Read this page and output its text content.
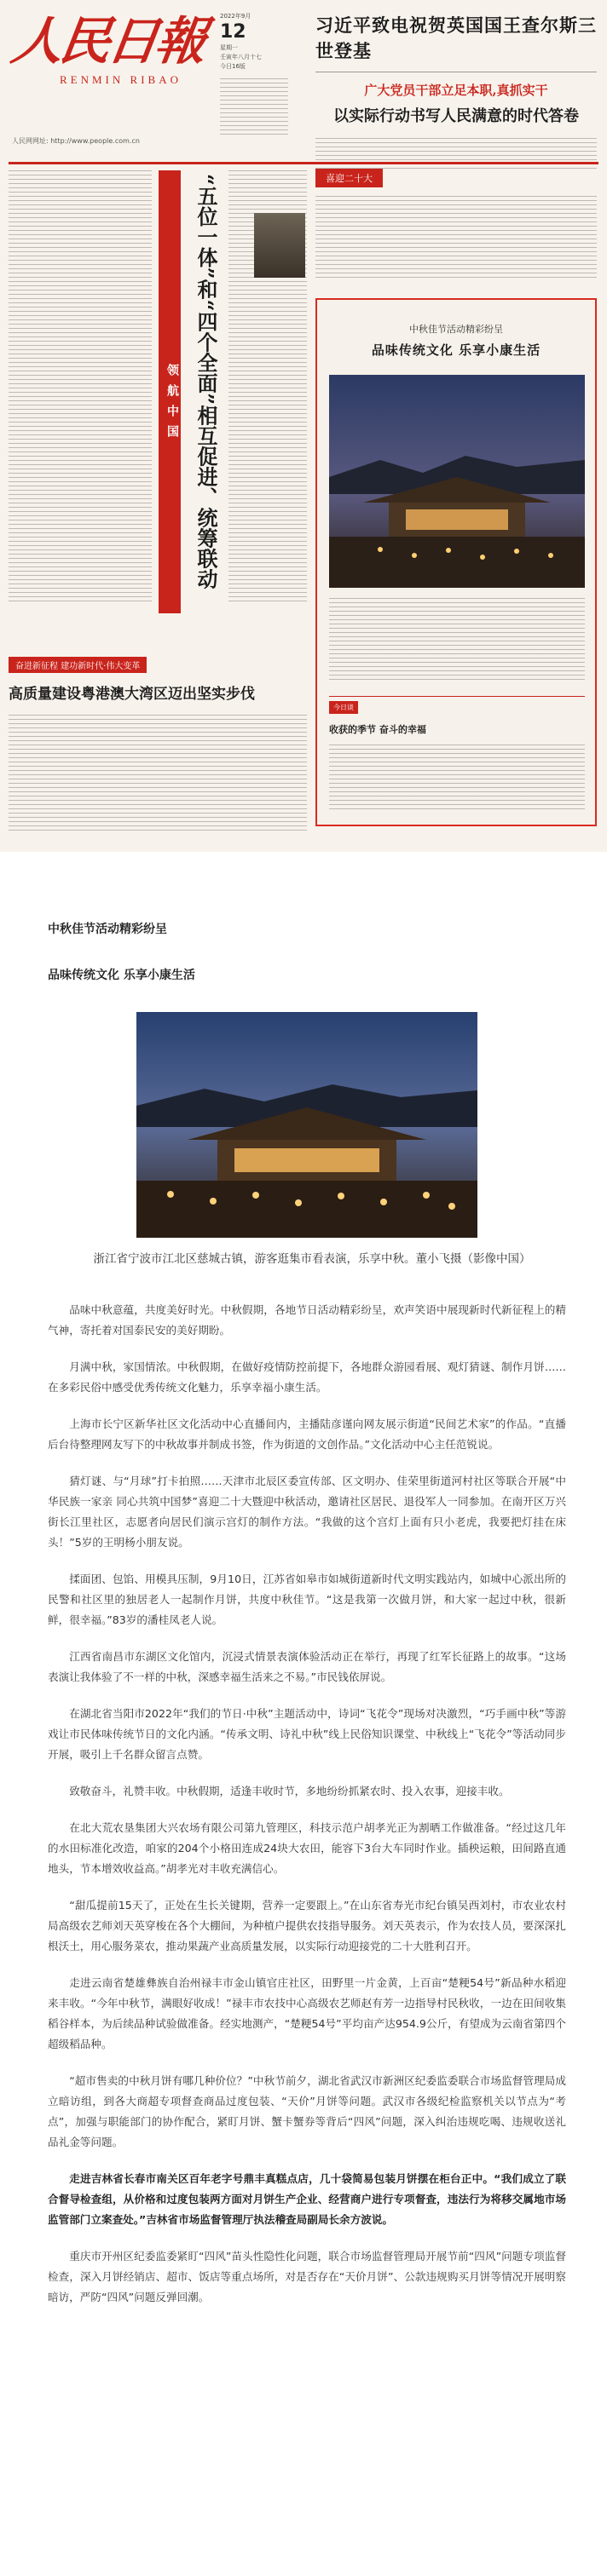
人民日報
RENMIN RIBAO
人民网网址: http://www.people.com.cn
2022年9月
12
星期一
壬寅年八月十七
今日16版
习近平致电祝贺英国国王查尔斯三世登基
广大党员干部立足本职,真抓实干
以实际行动书写人民满意的时代答卷
喜迎二十大
领航中国 “五位一体”和“四个全面”相互促进、统筹联动	中秋佳节活动精彩纷呈
品味传统文化 乐享小康生活
今日谈
收获的季节 奋斗的幸福
奋进新征程 建功新时代·伟大变革
高质量建设粤港澳大湾区迈出坚实步伐
中秋佳节活动精彩纷呈
品味传统文化 乐享小康生活
浙江省宁波市江北区慈城古镇，游客逛集市看表演，乐享中秋。董小飞摄（影像中国）

品味中秋意蕴，共度美好时光。中秋假期，各地节日活动精彩纷呈，欢声笑语中展现新时代新征程上的精气神，寄托着对国泰民安的美好期盼。

月满中秋，家国情浓。中秋假期，在做好疫情防控前提下，各地群众游园看展、观灯猜谜、制作月饼……在多彩民俗中感受优秀传统文化魅力，乐享幸福小康生活。

上海市长宁区新华社区文化活动中心直播间内，主播陆彦谨向网友展示街道“民间艺术家”的作品。“直播后台待整理网友写下的中秋故事并制成书签，作为街道的文创作品。”文化活动中心主任范锐说。

猜灯谜、与“月球”打卡拍照……天津市北辰区委宣传部、区文明办、佳荣里街道河村社区等联合开展“中华民族一家亲 同心共筑中国梦”喜迎二十大暨迎中秋活动，邀请社区居民、退役军人一同参加。在南开区万兴街长江里社区，志愿者向居民们演示宫灯的制作方法。“我做的这个宫灯上面有只小老虎，我要把灯挂在床头！”5岁的王明杨小朋友说。

揉面团、包馅、用模具压制，9月10日，江苏省如皋市如城街道新时代文明实践站内，如城中心派出所的民警和社区里的独居老人一起制作月饼，共度中秋佳节。“这是我第一次做月饼，和大家一起过中秋，很新鲜，很幸福。”83岁的潘桂凤老人说。

江西省南昌市东湖区文化馆内，沉浸式情景表演体验活动正在举行，再现了红军长征路上的故事。“这场表演让我体验了不一样的中秋，深感幸福生活来之不易。”市民钱依屏说。

在湖北省当阳市2022年“我们的节日·中秋”主题活动中，诗词“飞花令”现场对决激烈，“巧手画中秋”等游戏让市民体味传统节日的文化内涵。“传承文明、诗礼中秋”线上民俗知识课堂、中秋线上“飞花令”等活动同步开展，吸引上千名群众留言点赞。

致敬奋斗，礼赞丰收。中秋假期，适逢丰收时节，多地纷纷抓紧农时、投入农事，迎接丰收。

在北大荒农垦集团大兴农场有限公司第九管理区，科技示范户胡孝光正为割晒工作做准备。“经过这几年的水田标准化改造，咱家的204个小格田连成24块大农田，能容下3台大车同时作业。插秧运粮，田间路直通地头，节本增效收益高。”胡孝光对丰收充满信心。

“甜瓜提前15天了，正处在生长关键期，营养一定要跟上。”在山东省寿光市纪台镇吴西刘村，市农业农村局高级农艺师刘天英穿梭在各个大棚间，为种植户提供农技指导服务。刘天英表示，作为农技人员，要深深扎根沃土，用心服务菜农，推动果蔬产业高质量发展，以实际行动迎接党的二十大胜利召开。

走进云南省楚雄彝族自治州禄丰市金山镇官庄社区，田野里一片金黄，上百亩“楚粳54号”新品种水稻迎来丰收。“今年中秋节，满眼好收成！”禄丰市农技中心高级农艺师赵有芳一边指导村民秋收，一边在田间收集稻谷样本，为后续品种试验做准备。经实地测产，“楚粳54号”平均亩产达954.9公斤，有望成为云南省第四个超级稻品种。

“超市售卖的中秋月饼有哪几种价位？”中秋节前夕，湖北省武汉市新洲区纪委监委联合市场监督管理局成立暗访组，到各大商超专项督查商品过度包装、“天价”月饼等问题。武汉市各级纪检监察机关以节点为“考点”，加强与职能部门的协作配合，紧盯月饼、蟹卡蟹券等背后“四风”问题，深入纠治违规吃喝、违规收送礼品礼金等问题。

走进吉林省长春市南关区百年老字号鼎丰真糕点店，几十袋简易包装月饼摆在柜台正中。“我们成立了联合督导检查组，从价格和过度包装两方面对月饼生产企业、经营商户进行专项督查，违法行为将移交属地市场监管部门立案查处。”吉林省市场监督管理厅执法稽查局副局长余方波说。

重庆市开州区纪委监委紧盯“四风”苗头性隐性化问题，联合市场监督管理局开展节前“四风”问题专项监督检查，深入月饼经销店、超市、饭店等重点场所，对是否存在“天价月饼”、公款违规购买月饼等情况开展明察暗访，严防“四风”问题反弹回潮。
